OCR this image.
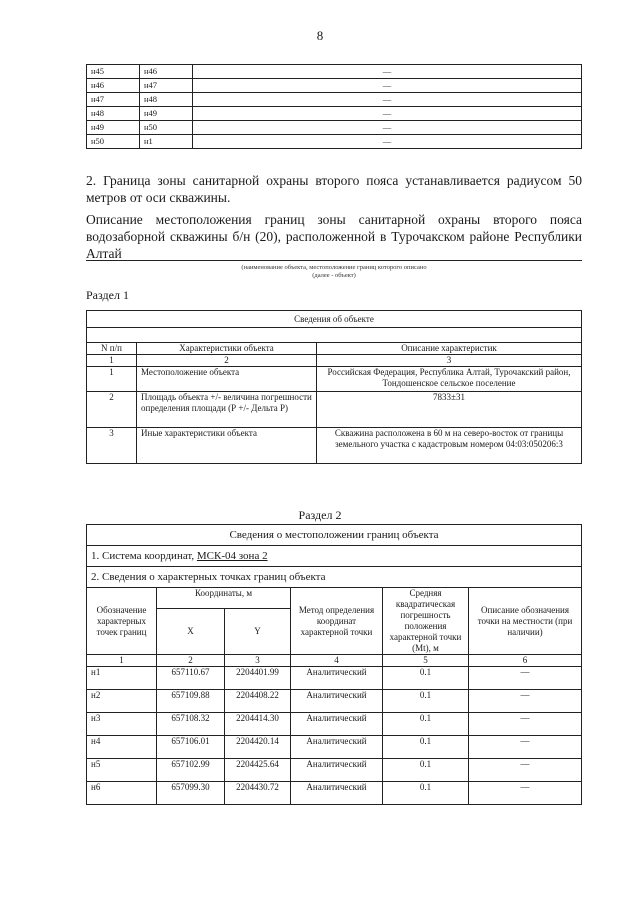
8
н45	н46	—
н46	н47	—
н47	н48	—
н48	н49	—
н49	н50	—
н50	н1	—
2. Граница зоны санитарной охраны второго пояса устанавливается радиусом 50 метров от оси скважины.
Описание местоположения границ зоны санитарной охраны второго пояса водозаборной скважины б/н (20), расположенной в Турочакском районе Республики Алтай
(наименование объекта, местоположение границ которого описано
(далее - объект)
Раздел 1
Сведения об объекте		

N п/п	Характеристики объекта	Описание характеристик
1	2	3
1	Местоположение объекта	Российская Федерация, Республика Алтай, Турочакский район, Тондошенское сельское поселение
2	Площадь объекта +/- величина погрешности определения площади (Р +/- Дельта Р)	7833±31
3	Иные характеристики объекта	Скважина расположена в 60 м на северо-восток от границы земельного участка с кадастровым номером 04:03:050206:3
Раздел 2
Сведения о местоположении границ объекта					
1. Система координат, МСК-04 зона 2					
2. Сведения о характерных точках границ объекта					
Обозначение характерных точек границ	Координаты, м		Метод определения координат характерной точки	Средняя квадратическая погрешность положения характерной точки (Mt), м	Описание обозначения точки на местности (при наличии)
	X	Y			
1	2	3	4	5	6
н1	657110.67	2204401.99	Аналитический	0.1	—
н2	657109.88	2204408.22	Аналитический	0.1	—
н3	657108.32	2204414.30	Аналитический	0.1	—
н4	657106.01	2204420.14	Аналитический	0.1	—
н5	657102.99	2204425.64	Аналитический	0.1	—
н6	657099.30	2204430.72	Аналитический	0.1	—
